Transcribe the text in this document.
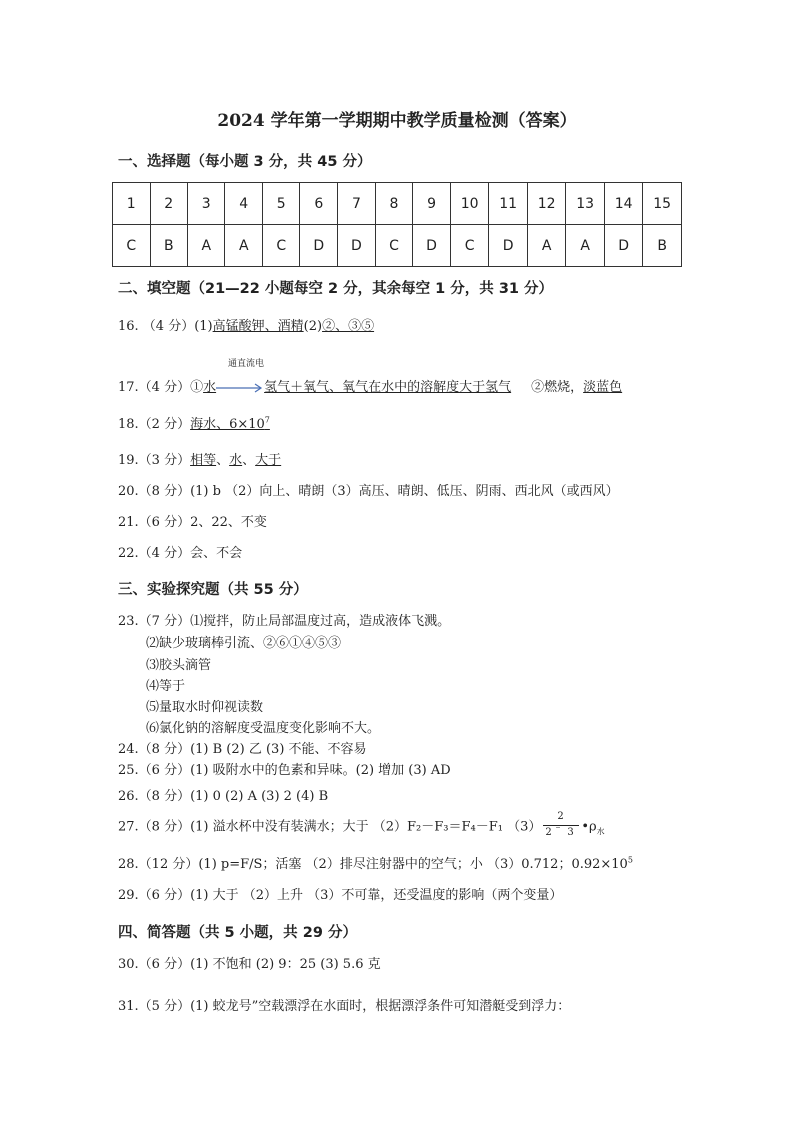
2024 学年第一学期期中教学质量检测（答案）
一、选择题（每小题 3 分，共 45 分）
1	2	3	4	5	6	7	8	9	10	11	12	13	14	15
C	B	A	A	C	D	D	C	D	C	D	A	A	D	B
二、填空题（21—22 小题每空 2 分，其余每空 1 分，共 31 分）
16. （4 分）(1)高锰酸钾、酒精(2)②、③⑤
通直流电
17.（4 分）①水→氢气＋氧气、氧气在水中的溶解度大于氢气 ②燃烧，淡蓝色
18.（2 分）海水、$6\times 10^7$
19.（3 分）相等、水、大于
20.（8 分）(1) b （2）向上、晴朗（3）高压、晴朗、低压、阴雨、西北风（或西风）
21.（6 分）2、22、不变
22.（4 分）会、不会
三、实验探究题（共 55 分）
23.（7 分）⑴搅拌，防止局部温度过高，造成液体飞溅。
⑵缺少玻璃棒引流、②⑥①④⑤③
⑶胶头滴管
⑷等于
⑸量取水时仰视读数
⑹氯化钠的溶解度受温度变化影响不大。
24.（8 分）(1) B (2) 乙 (3) 不能、不容易
25.（6 分）(1) 吸附水中的色素和异味。(2) 增加 (3) AD
26.（8 分）(1) 0 (2) A (3) 2 (4) B
27.（8 分）(1) 溢水杯中没有装满水；大于 （2）F₂－F₃＝F₄－F₁ （3）
2
2 ⁻ 3 $•\rho_水$
28.（12 分）(1) p=F/S；活塞 （2）排尽注射器中的空气；小 （3）0.712；$0.92\times 10^5$
29.（6 分）(1) 大于 （2）上升 （3）不可靠，还受温度的影响（两个变量）
四、简答题（共 5 小题，共 29 分）
30.（6 分）(1) 不饱和 (2) 9：25 (3) 5.6 克
31.（5 分）(1) 蛟龙号”空载漂浮在水面时，根据漂浮条件可知潜艇受到浮力：
